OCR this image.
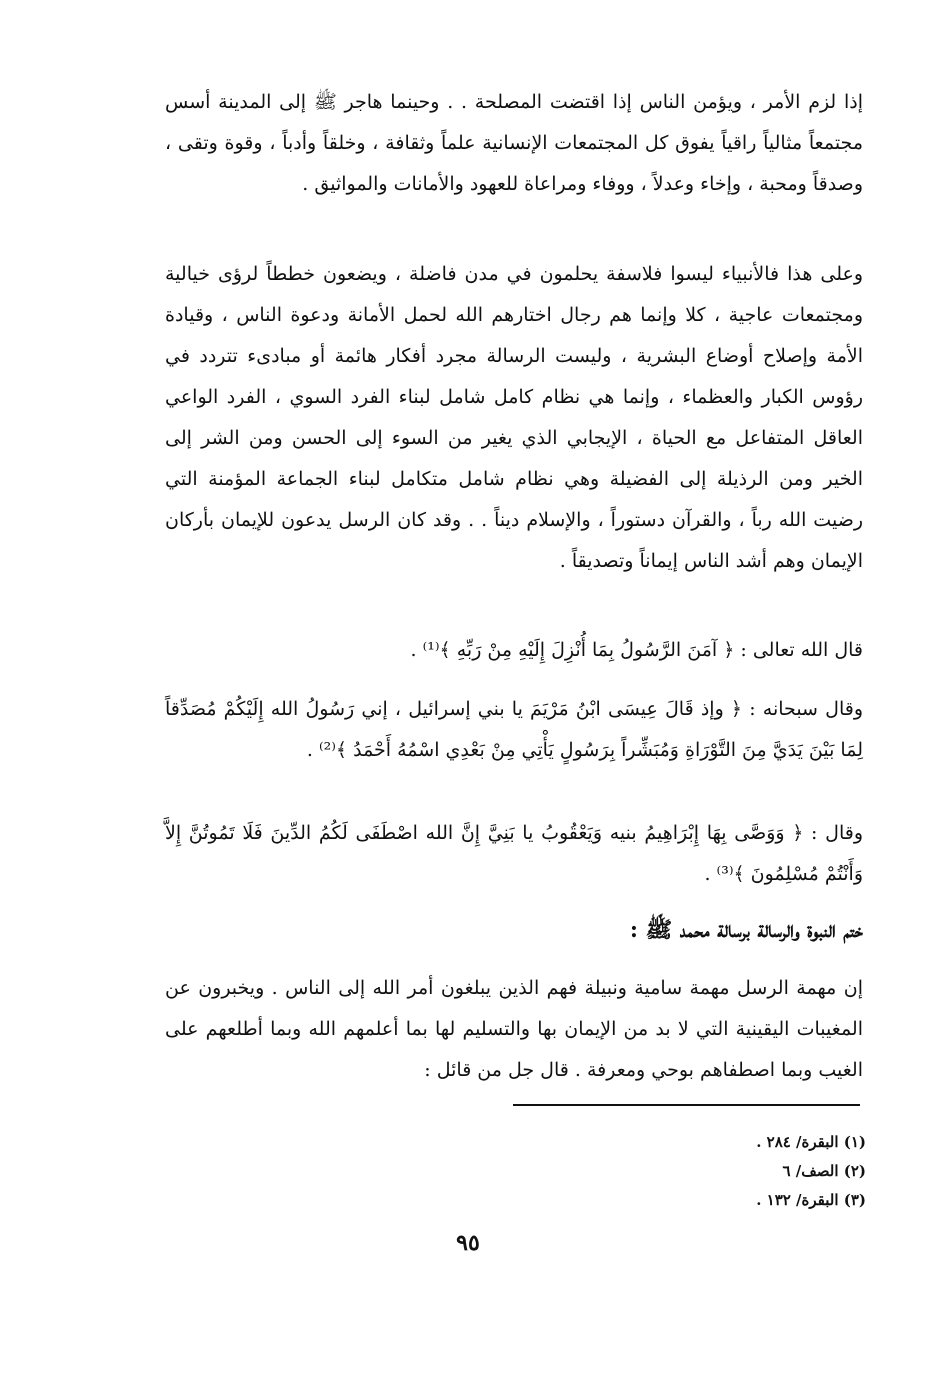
إذا لزم الأمر ، ويؤمن الناس إذا اقتضت المصلحة . . وحينما هاجر ﷺ إلى المدينة أسس مجتمعاً مثالياً راقياً يفوق كل المجتمعات الإنسانية علماً وثقافة ، وخلقاً وأدباً ، وقوة وتقى ، وصدقاً ومحبة ، وإخاء وعدلاً ، ووفاء ومراعاة للعهود والأمانات والمواثيق .
وعلى هذا فالأنبياء ليسوا فلاسفة يحلمون في مدن فاضلة ، ويضعون خططاً لرؤى خيالية ومجتمعات عاجية ، كلا وإنما هم رجال اختارهم الله لحمل الأمانة ودعوة الناس ، وقيادة الأمة وإصلاح أوضاع البشرية ، وليست الرسالة مجرد أفكار هائمة أو مبادىء تتردد في رؤوس الكبار والعظماء ، وإنما هي نظام كامل شامل لبناء الفرد السوي ، الفرد الواعي العاقل المتفاعل مع الحياة ، الإيجابي الذي يغير من السوء إلى الحسن ومن الشر إلى الخير ومن الرذيلة إلى الفضيلة وهي نظام شامل متكامل لبناء الجماعة المؤمنة التي رضيت الله رباً ، والقرآن دستوراً ، والإسلام ديناً . . وقد كان الرسل يدعون للإيمان بأركان الإيمان وهم أشد الناس إيماناً وتصديقاً .
قال الله تعالى : ﴿ آمَنَ الرَّسُولُ بِمَا أُنْزِلَ إِلَيْهِ مِنْ رَبِّهِ ﴾⁽¹⁾ .
وقال سبحانه : ﴿ وإذ قَالَ عِيسَى ابْنُ مَرْيَمَ يا بني إسرائيل ، إني رَسُولُ الله إِلَيْكُمْ مُصَدِّقاً لِمَا بَيْنَ يَدَيَّ مِنَ التَّوْرَاةِ وَمُبَشِّراً بِرَسُولٍ يَأْتِي مِنْ بَعْدِي اسْمُهُ أَحْمَدُ ﴾⁽²⁾ .
وقال : ﴿ وَوَصَّى بِهَا إِبْرَاهِيمُ بنيه وَيَعْقُوبُ يا بَنِيَّ إِنَّ الله اصْطَفَى لَكُمُ الدِّينَ فَلَا تَمُوتُنَّ إِلاَّ وَأَنْتُمْ مُسْلِمُونَ ﴾⁽³⁾ .
ختم النبوة والرسالة برسالة محمد ﷺ :
إن مهمة الرسل مهمة سامية ونبيلة فهم الذين يبلغون أمر الله إلى الناس . ويخبرون عن المغيبات اليقينية التي لا بد من الإيمان بها والتسليم لها بما أعلمهم الله وبما أطلعهم على الغيب وبما اصطفاهم بوحي ومعرفة . قال جل من قائل :
(١) البقرة/ ٢٨٤ .
(٢) الصف/ ٦
(٣) البقرة/ ١٣٢ .
٩٥
